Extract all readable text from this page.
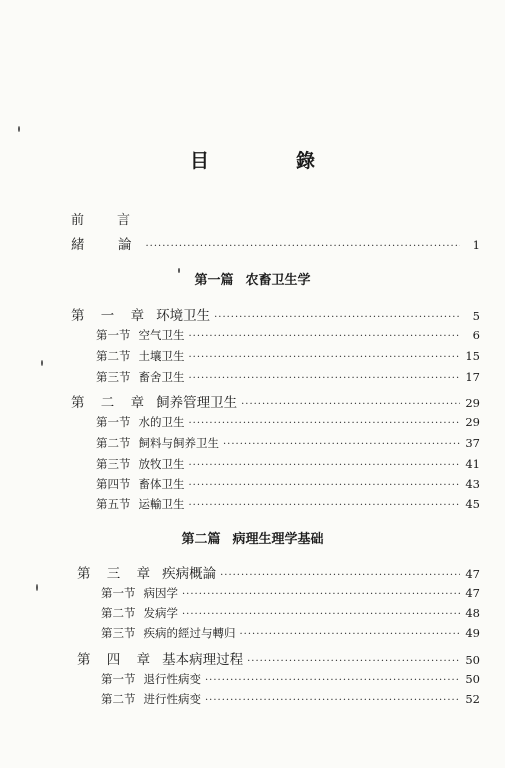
目　錄
前　言
緒　論 ·····	1
第一篇 农畜卫生学
第 一 章 环境卫生 ·····	5
第一节 空气卫生 ·····	6
第二节 土壤卫生 ·····	15
第三节 畜舍卫生 ·····	17
第 二 章 飼养管理卫生 ·····	29
第一节 水的卫生 ·····	29
第二节 飼料与飼养卫生 ·····	37
第三节 放牧卫生 ·····	41
第四节 畜体卫生 ·····	43
第五节 运輸卫生 ·····	45
第二篇 病理生理学基础
第 三 章 疾病概論 ·····	47
第一节 病因学 ·····	47
第二节 发病学 ·····	48
第三节 疾病的經过与轉归 ·····	49
第 四 章 基本病理过程 ·····	50
第一节 退行性病变 ·····	50
第二节 进行性病变 ·····	52
